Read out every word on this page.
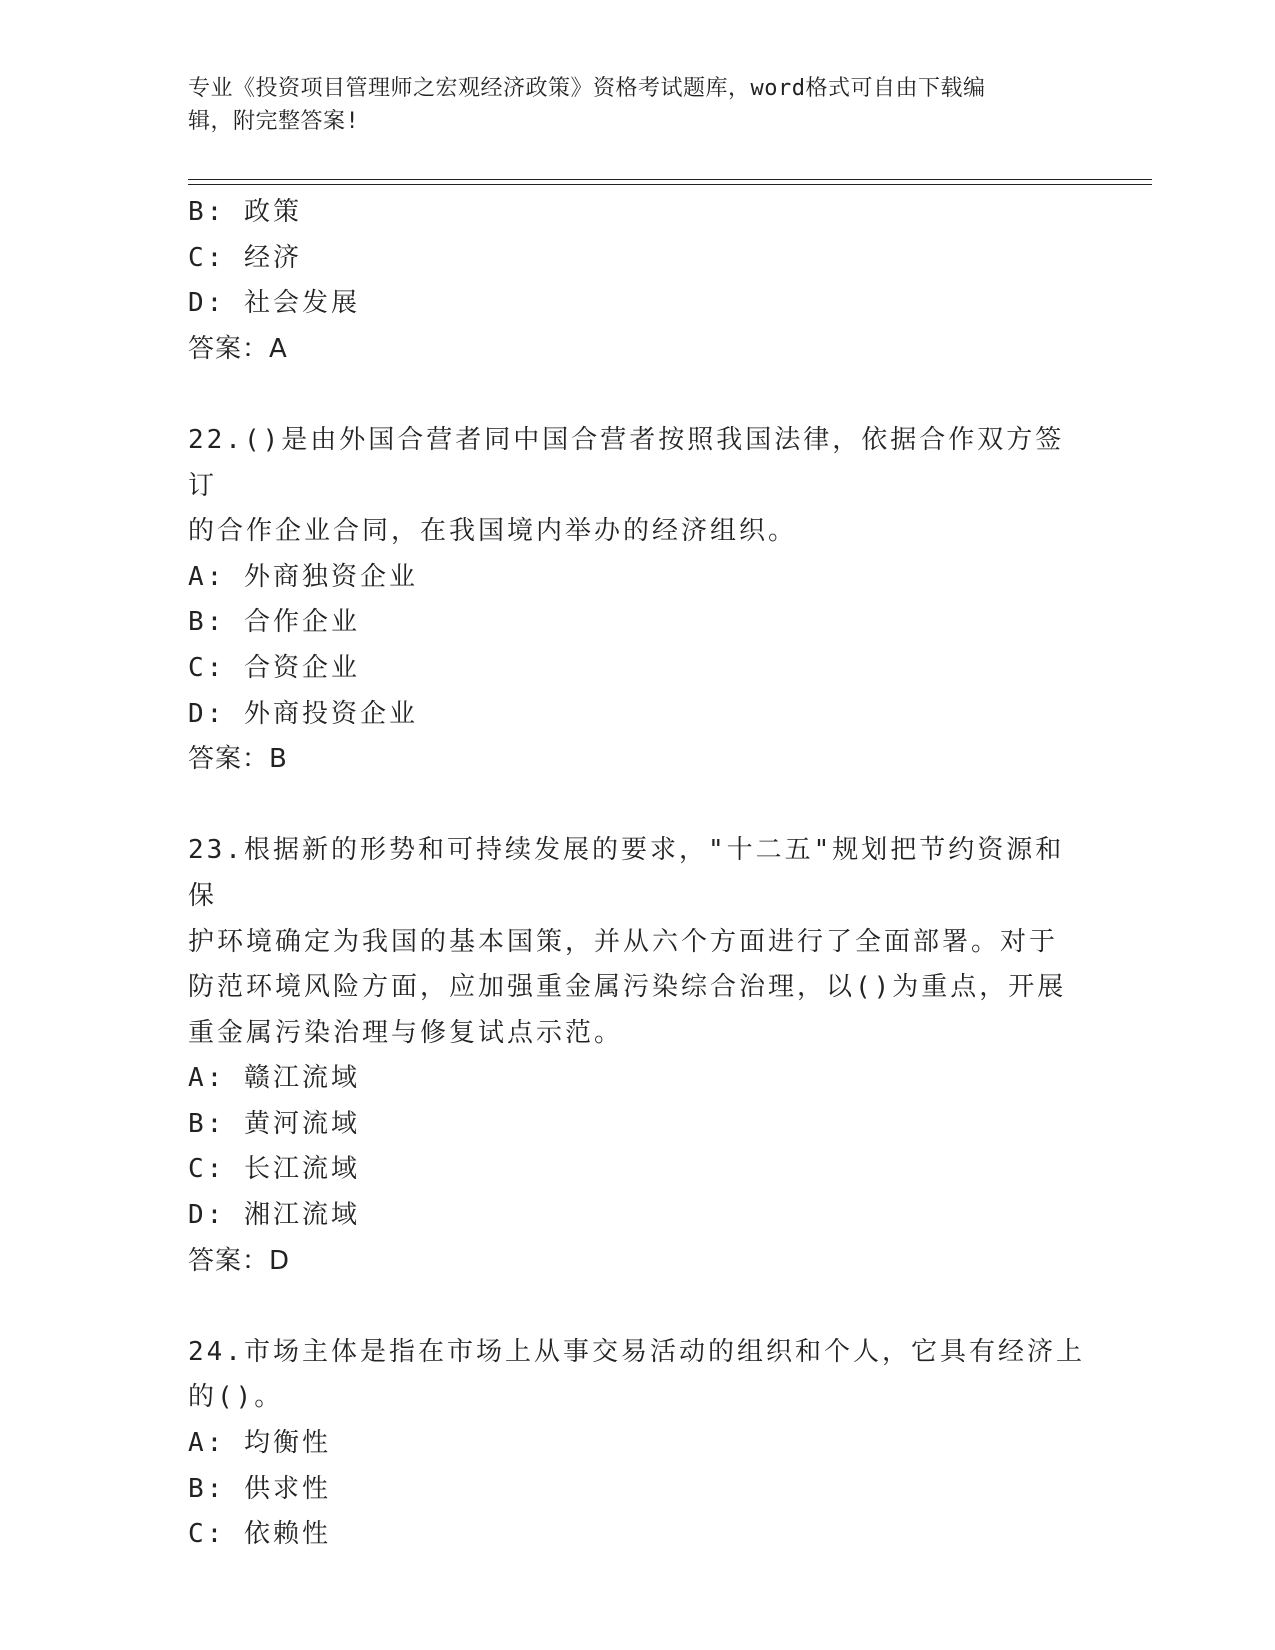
专业《投资项目管理师之宏观经济政策》资格考试题库，word格式可自由下载编
辑，附完整答案!
B: 政策
C: 经济
D: 社会发展
答案：A
22.()是由外国合营者同中国合营者按照我国法律，依据合作双方签订
的合作企业合同，在我国境内举办的经济组织。
A: 外商独资企业
B: 合作企业
C: 合资企业
D: 外商投资企业
答案：B
23.根据新的形势和可持续发展的要求，"十二五"规划把节约资源和保
护环境确定为我国的基本国策，并从六个方面进行了全面部署。对于
防范环境风险方面，应加强重金属污染综合治理，以()为重点，开展
重金属污染治理与修复试点示范。
A: 赣江流域
B: 黄河流域
C: 长江流域
D: 湘江流域
答案：D
24.市场主体是指在市场上从事交易活动的组织和个人，它具有经济上
的()。
A: 均衡性
B: 供求性
C: 依赖性
